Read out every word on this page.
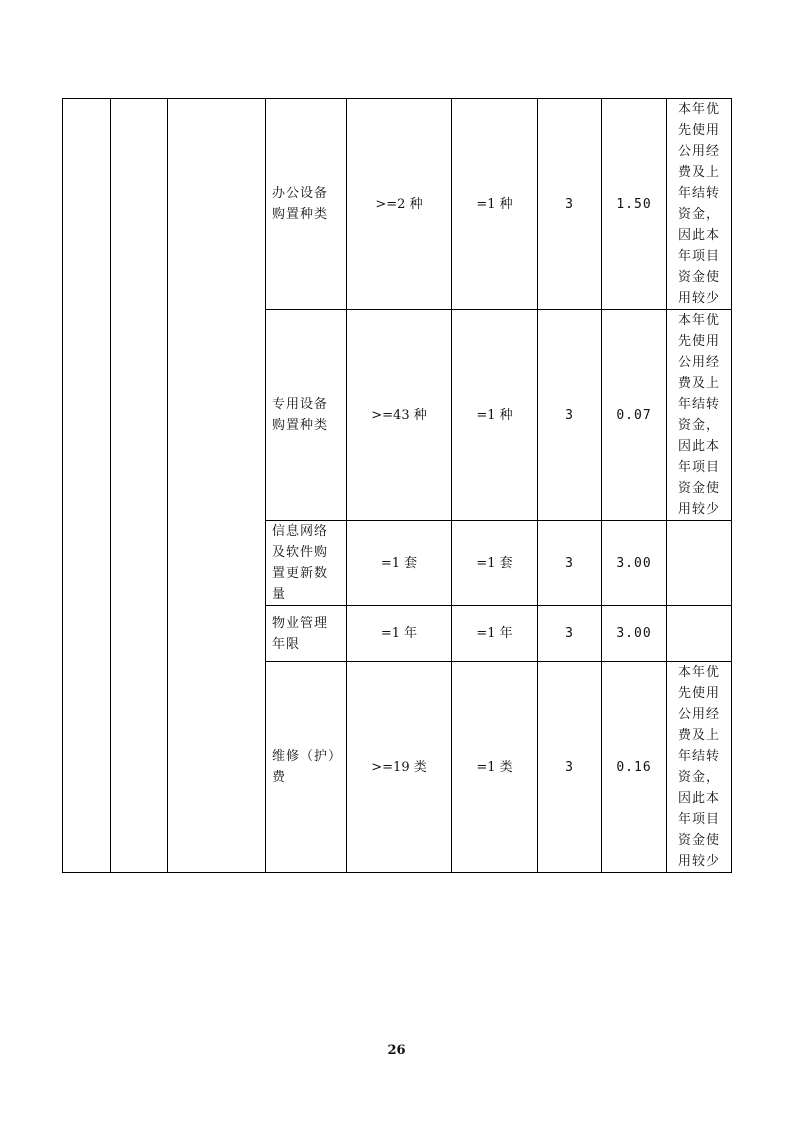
			办公设备购置种类	>=2 种	=1 种	3	1.50	本年优先使用公用经费及上年结转资金，因此本年项目资金使用较少

			专用设备购置种类	>=43 种	=1 种	3	0.07	本年优先使用公用经费及上年结转资金，因此本年项目资金使用较少

			信息网络及软件购置更新数量	=1 套	=1 套	3	3.00	

			物业管理年限	=1 年	=1 年	3	3.00	

			维修（护）费	>=19 类	=1 类	3	0.16	本年优先使用公用经费及上年结转资金，因此本年项目资金使用较少
26
